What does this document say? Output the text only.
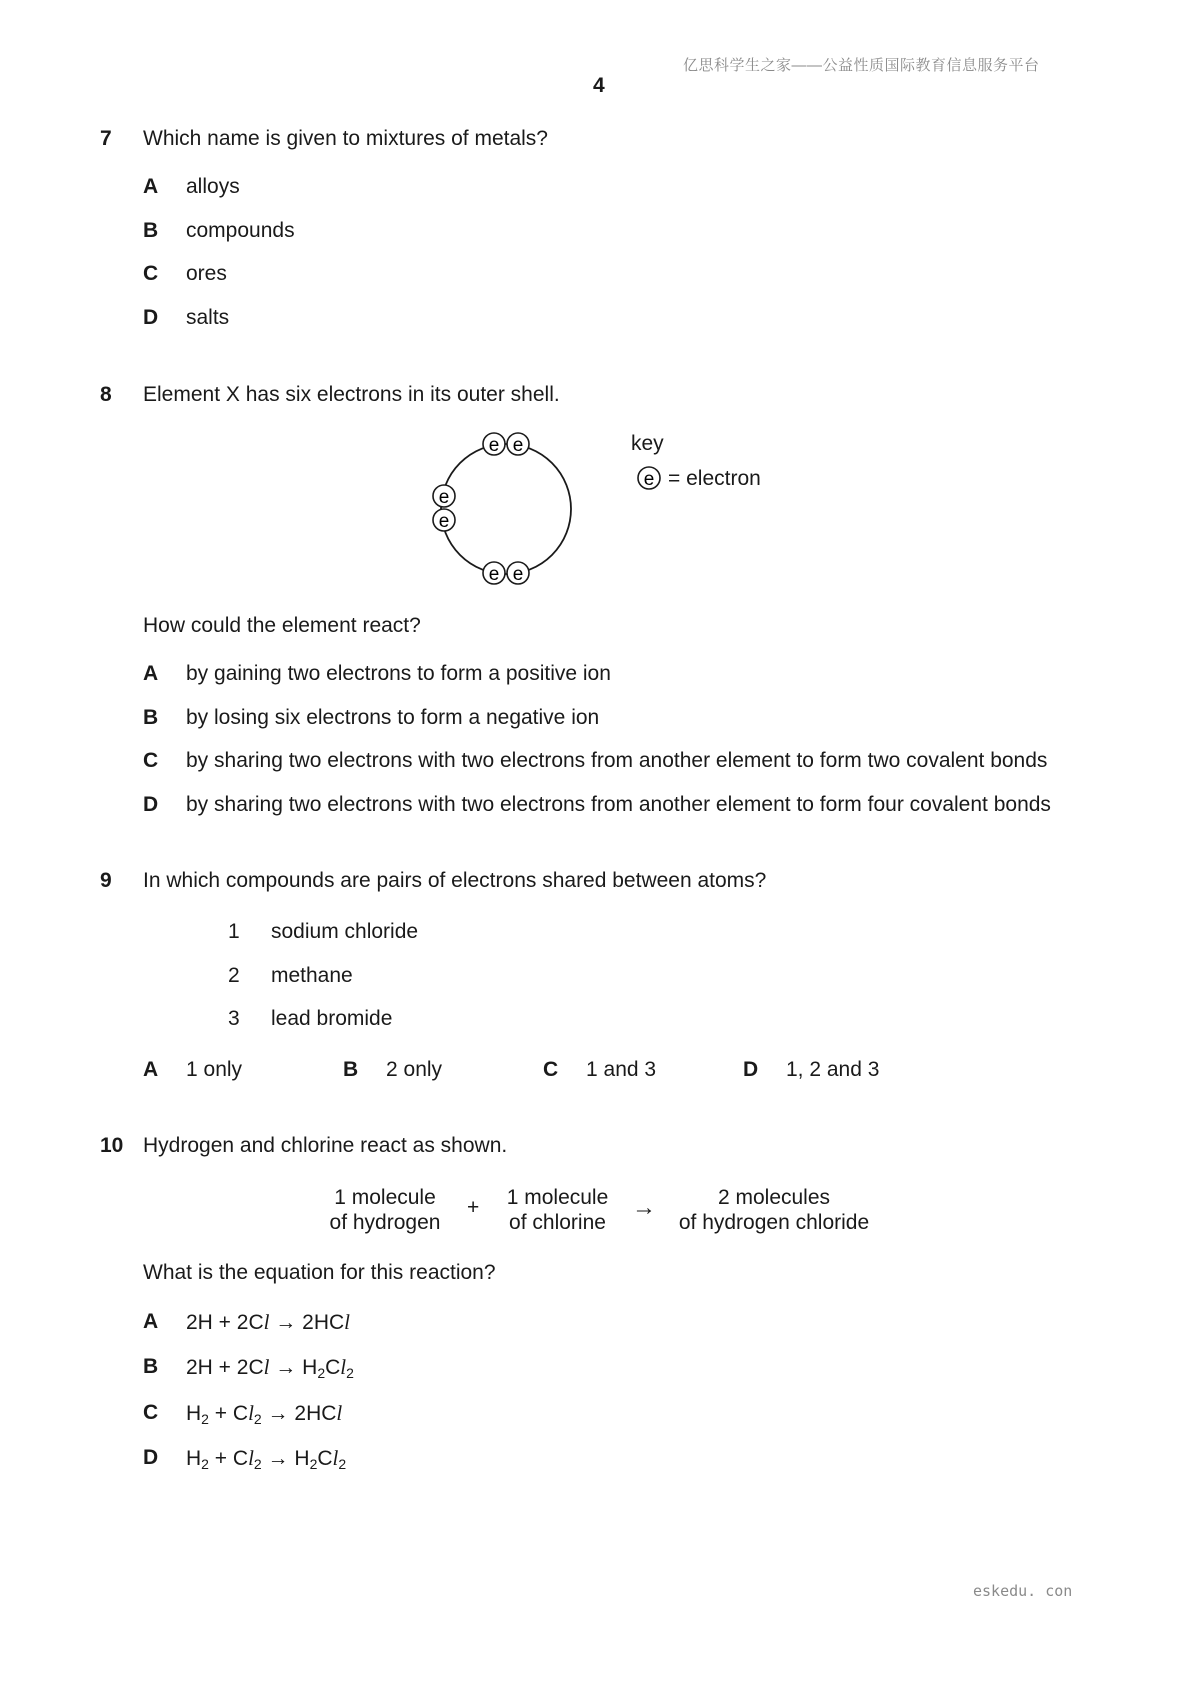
亿思科学生之家——公益性质国际教育信息服务平台
4
7 Which name is given to mixtures of metals?
A alloys
B compounds
C ores
D salts
8 Element X has six electrons in its outer shell.
e e
e
e
e e
key
e = electron
How could the element react?
A by gaining two electrons to form a positive ion
B by losing six electrons to form a negative ion
C by sharing two electrons with two electrons from another element to form two covalent bonds
D by sharing two electrons with two electrons from another element to form four covalent bonds
9 In which compounds are pairs of electrons shared between atoms?
1 sodium chloride
2 methane
3 lead bromide
A 1 only	B 2 only	C 1 and 3	D 1, 2 and 3
10 Hydrogen and chlorine react as shown.
1 molecule
of hydrogen
+	1 molecule
of chlorine
→	2 molecules
of hydrogen chloride
What is the equation for this reaction?
A 2H + 2Cl → 2HCl
B $2H + 2Cl \to H_2Cl_2$
C $H_2 + Cl_2 \to 2HCl$
D $H_2 + Cl_2 \to H_2Cl_2$
eskedu. con
